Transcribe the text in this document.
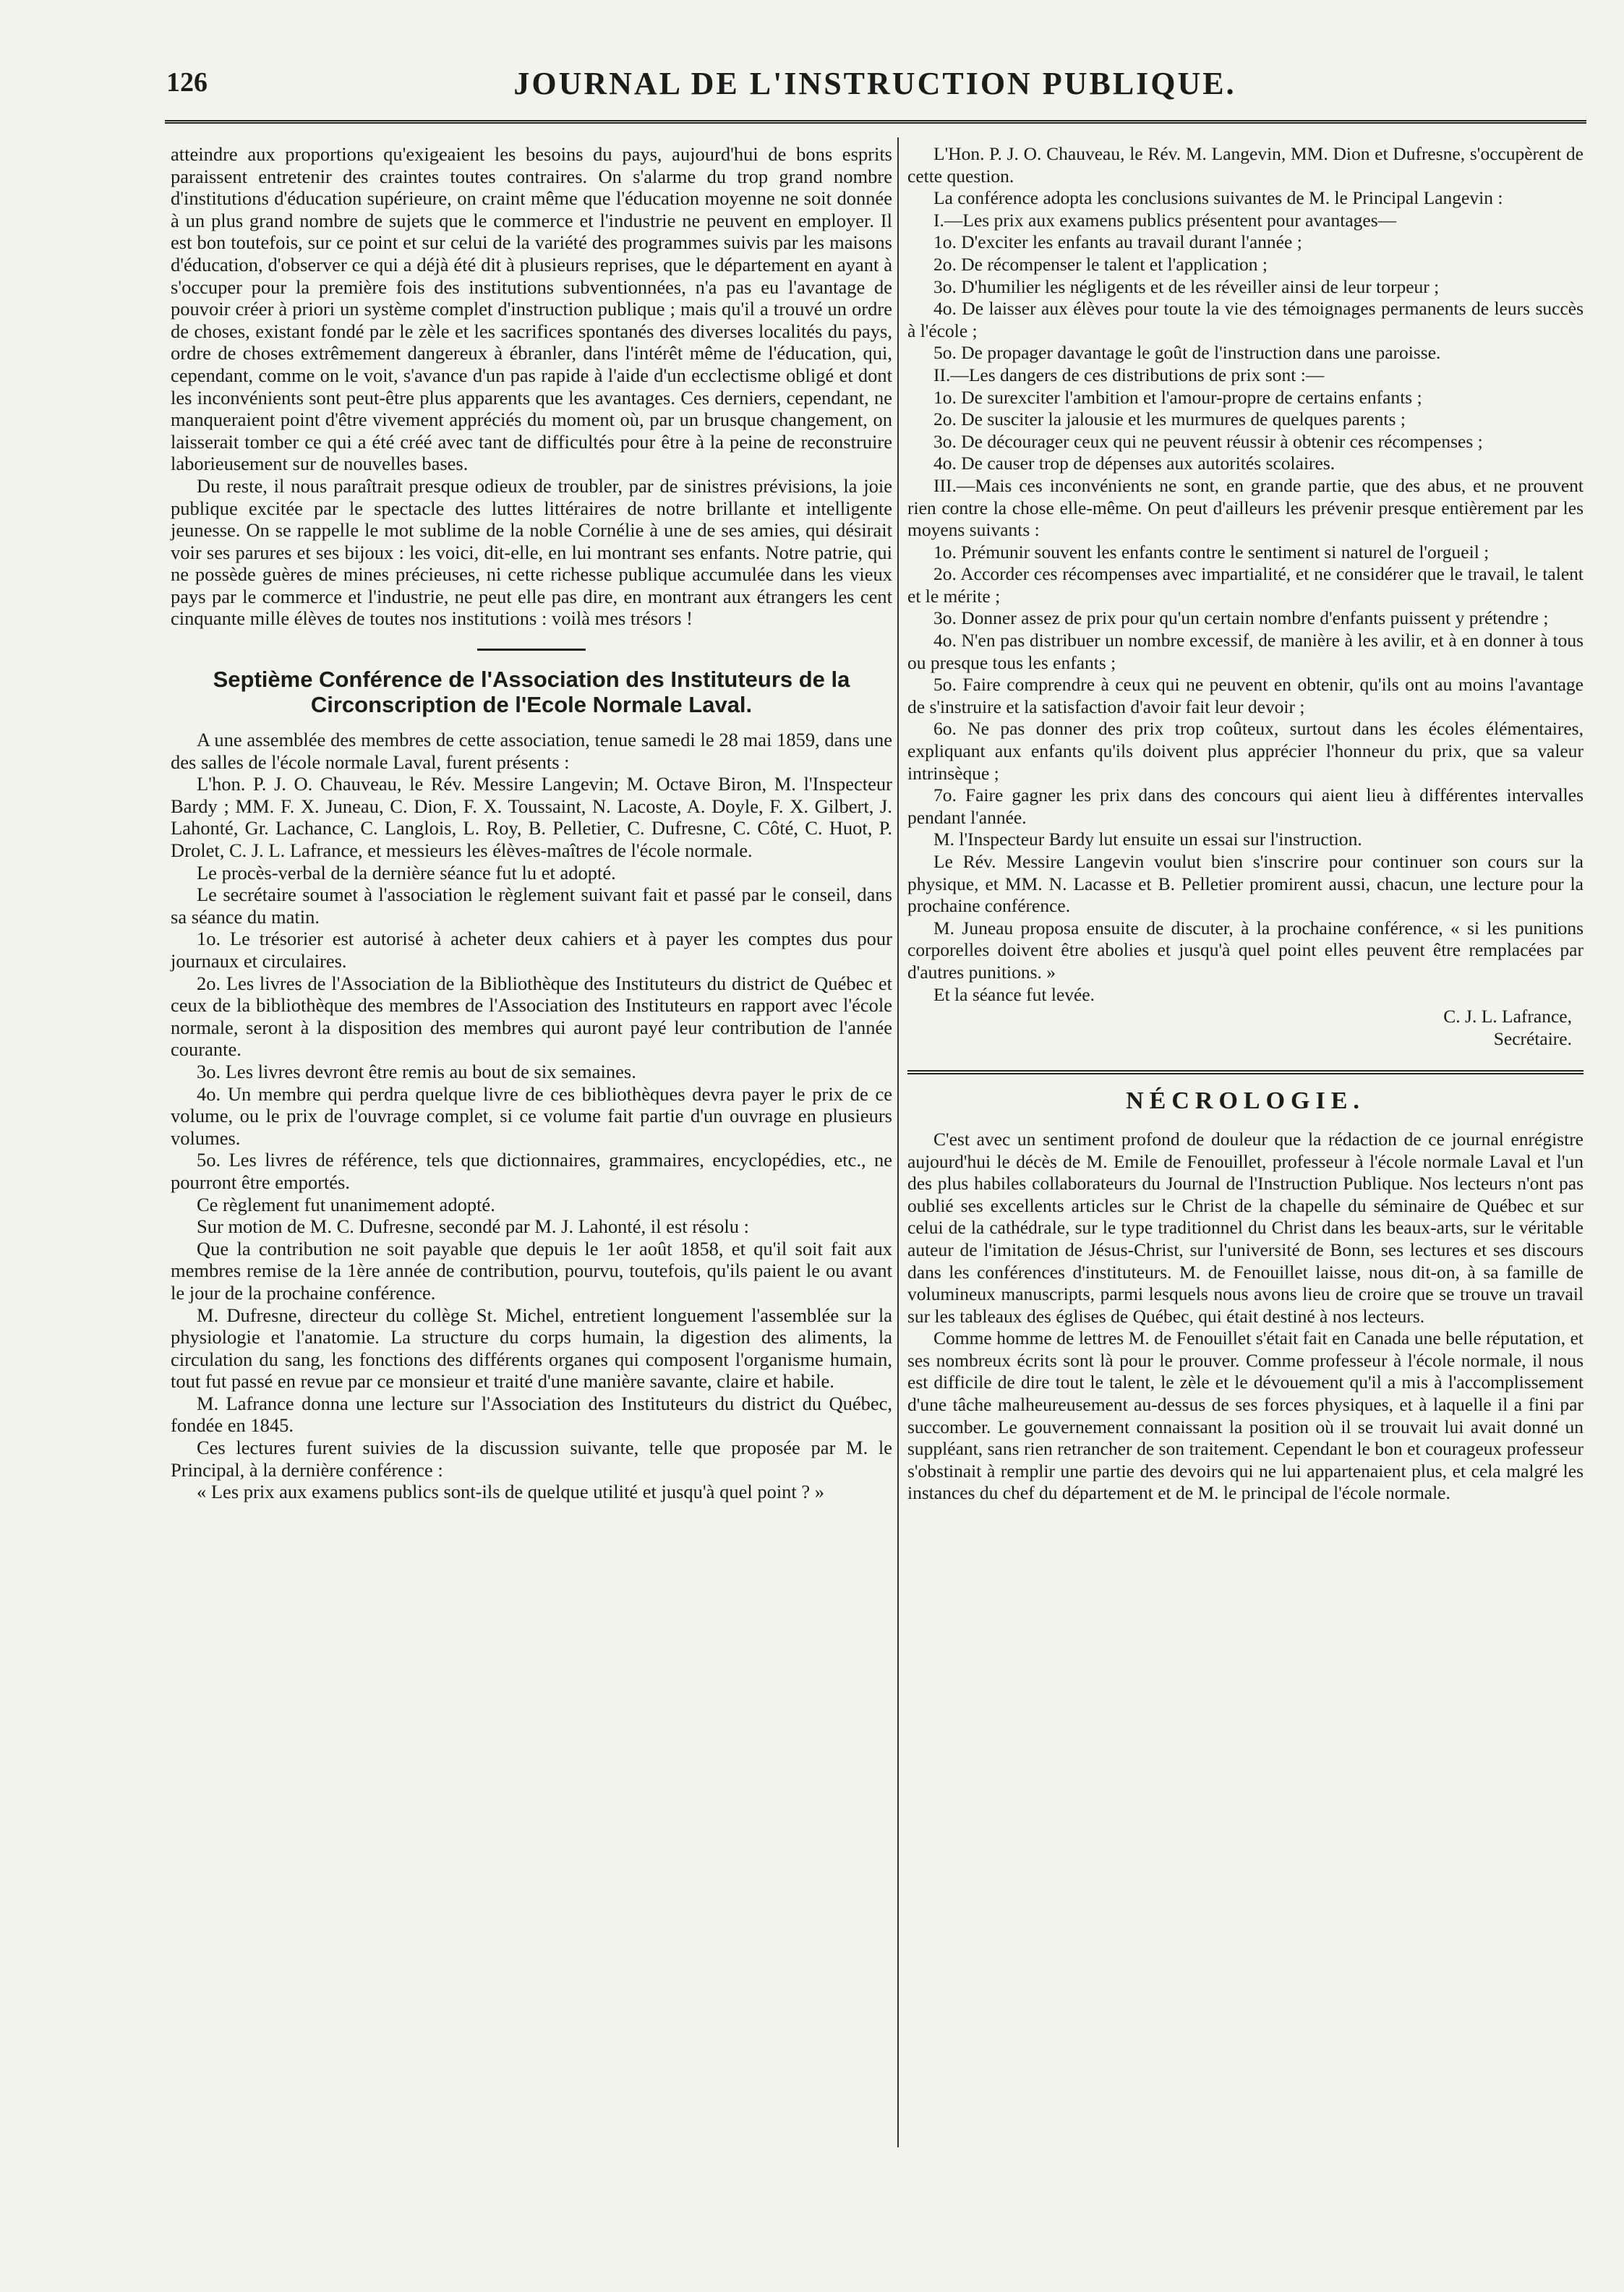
126	JOURNAL DE L'INSTRUCTION PUBLIQUE.

atteindre aux proportions qu'exigeaient les besoins du pays, aujourd'hui de bons esprits paraissent entretenir des craintes toutes contraires. On s'alarme du trop grand nombre d'institutions d'éducation supérieure, on craint même que l'éducation moyenne ne soit donnée à un plus grand nombre de sujets que le commerce et l'industrie ne peuvent en employer. Il est bon toutefois, sur ce point et sur celui de la variété des programmes suivis par les maisons d'éducation, d'observer ce qui a déjà été dit à plusieurs reprises, que le département en ayant à s'occuper pour la première fois des institutions subventionnées, n'a pas eu l'avantage de pouvoir créer à priori un système complet d'instruction publique ; mais qu'il a trouvé un ordre de choses, existant fondé par le zèle et les sacrifices spontanés des diverses localités du pays, ordre de choses extrêmement dangereux à ébranler, dans l'intérêt même de l'éducation, qui, cependant, comme on le voit, s'avance d'un pas rapide à l'aide d'un ecclectisme obligé et dont les inconvénients sont peut-être plus apparents que les avantages. Ces derniers, cependant, ne manqueraient point d'être vivement appréciés du moment où, par un brusque changement, on laisserait tomber ce qui a été créé avec tant de difficultés pour être à la peine de reconstruire laborieusement sur de nouvelles bases.

Du reste, il nous paraîtrait presque odieux de troubler, par de sinistres prévisions, la joie publique excitée par le spectacle des luttes littéraires de notre brillante et intelligente jeunesse. On se rappelle le mot sublime de la noble Cornélie à une de ses amies, qui désirait voir ses parures et ses bijoux : les voici, dit-elle, en lui montrant ses enfants. Notre patrie, qui ne possède guères de mines précieuses, ni cette richesse publique accumulée dans les vieux pays par le commerce et l'industrie, ne peut elle pas dire, en montrant aux étrangers les cent cinquante mille élèves de toutes nos institutions : voilà mes trésors !

Septième Conférence de l'Association des Instituteurs de la Circonscription de l'Ecole Normale Laval.

A une assemblée des membres de cette association, tenue samedi le 28 mai 1859, dans une des salles de l'école normale Laval, furent présents :

L'hon. P. J. O. Chauveau, le Rév. Messire Langevin; M. Octave Biron, M. l'Inspecteur Bardy ; MM. F. X. Juneau, C. Dion, F. X. Toussaint, N. Lacoste, A. Doyle, F. X. Gilbert, J. Lahonté, Gr. Lachance, C. Langlois, L. Roy, B. Pelletier, C. Dufresne, C. Côté, C. Huot, P. Drolet, C. J. L. Lafrance, et messieurs les élèves-maîtres de l'école normale.

Le procès-verbal de la dernière séance fut lu et adopté.

Le secrétaire soumet à l'association le règlement suivant fait et passé par le conseil, dans sa séance du matin.

1o. Le trésorier est autorisé à acheter deux cahiers et à payer les comptes dus pour journaux et circulaires.

2o. Les livres de l'Association de la Bibliothèque des Instituteurs du district de Québec et ceux de la bibliothèque des membres de l'Association des Instituteurs en rapport avec l'école normale, seront à la disposition des membres qui auront payé leur contribution de l'année courante.

3o. Les livres devront être remis au bout de six semaines.

4o. Un membre qui perdra quelque livre de ces bibliothèques devra payer le prix de ce volume, ou le prix de l'ouvrage complet, si ce volume fait partie d'un ouvrage en plusieurs volumes.

5o. Les livres de référence, tels que dictionnaires, grammaires, encyclopédies, etc., ne pourront être emportés.

Ce règlement fut unanimement adopté.

Sur motion de M. C. Dufresne, secondé par M. J. Lahonté, il est résolu :

Que la contribution ne soit payable que depuis le 1er août 1858, et qu'il soit fait aux membres remise de la 1ère année de contribution, pourvu, toutefois, qu'ils paient le ou avant le jour de la prochaine conférence.

M. Dufresne, directeur du collège St. Michel, entretient longuement l'assemblée sur la physiologie et l'anatomie. La structure du corps humain, la digestion des aliments, la circulation du sang, les fonctions des différents organes qui composent l'organisme humain, tout fut passé en revue par ce monsieur et traité d'une manière savante, claire et habile.

M. Lafrance donna une lecture sur l'Association des Instituteurs du district du Québec, fondée en 1845.

Ces lectures furent suivies de la discussion suivante, telle que proposée par M. le Principal, à la dernière conférence :

« Les prix aux examens publics sont-ils de quelque utilité et jusqu'à quel point ? »

L'Hon. P. J. O. Chauveau, le Rév. M. Langevin, MM. Dion et Dufresne, s'occupèrent de cette question.

La conférence adopta les conclusions suivantes de M. le Principal Langevin :

I.—Les prix aux examens publics présentent pour avantages—

1o. D'exciter les enfants au travail durant l'année ;

2o. De récompenser le talent et l'application ;

3o. D'humilier les négligents et de les réveiller ainsi de leur torpeur ;

4o. De laisser aux élèves pour toute la vie des témoignages permanents de leurs succès à l'école ;

5o. De propager davantage le goût de l'instruction dans une paroisse.

II.—Les dangers de ces distributions de prix sont :—

1o. De surexciter l'ambition et l'amour-propre de certains enfants ;

2o. De susciter la jalousie et les murmures de quelques parents ;

3o. De décourager ceux qui ne peuvent réussir à obtenir ces récompenses ;

4o. De causer trop de dépenses aux autorités scolaires.

III.—Mais ces inconvénients ne sont, en grande partie, que des abus, et ne prouvent rien contre la chose elle-même. On peut d'ailleurs les prévenir presque entièrement par les moyens suivants :

1o. Prémunir souvent les enfants contre le sentiment si naturel de l'orgueil ;

2o. Accorder ces récompenses avec impartialité, et ne considérer que le travail, le talent et le mérite ;

3o. Donner assez de prix pour qu'un certain nombre d'enfants puissent y prétendre ;

4o. N'en pas distribuer un nombre excessif, de manière à les avilir, et à en donner à tous ou presque tous les enfants ;

5o. Faire comprendre à ceux qui ne peuvent en obtenir, qu'ils ont au moins l'avantage de s'instruire et la satisfaction d'avoir fait leur devoir ;

6o. Ne pas donner des prix trop coûteux, surtout dans les écoles élémentaires, expliquant aux enfants qu'ils doivent plus apprécier l'honneur du prix, que sa valeur intrinsèque ;

7o. Faire gagner les prix dans des concours qui aient lieu à différentes intervalles pendant l'année.

M. l'Inspecteur Bardy lut ensuite un essai sur l'instruction.

Le Rév. Messire Langevin voulut bien s'inscrire pour continuer son cours sur la physique, et MM. N. Lacasse et B. Pelletier promirent aussi, chacun, une lecture pour la prochaine conférence.

M. Juneau proposa ensuite de discuter, à la prochaine conférence, « si les punitions corporelles doivent être abolies et jusqu'à quel point elles peuvent être remplacées par d'autres punitions. »

Et la séance fut levée.

C. J. L. Lafrance,

Secrétaire.

NÉCROLOGIE.

C'est avec un sentiment profond de douleur que la rédaction de ce journal enrégistre aujourd'hui le décès de M. Emile de Fenouillet, professeur à l'école normale Laval et l'un des plus habiles collaborateurs du Journal de l'Instruction Publique. Nos lecteurs n'ont pas oublié ses excellents articles sur le Christ de la chapelle du séminaire de Québec et sur celui de la cathédrale, sur le type traditionnel du Christ dans les beaux-arts, sur le véritable auteur de l'imitation de Jésus-Christ, sur l'université de Bonn, ses lectures et ses discours dans les conférences d'instituteurs. M. de Fenouillet laisse, nous dit-on, à sa famille de volumineux manuscripts, parmi lesquels nous avons lieu de croire que se trouve un travail sur les tableaux des églises de Québec, qui était destiné à nos lecteurs.

Comme homme de lettres M. de Fenouillet s'était fait en Canada une belle réputation, et ses nombreux écrits sont là pour le prouver. Comme professeur à l'école normale, il nous est difficile de dire tout le talent, le zèle et le dévouement qu'il a mis à l'accomplissement d'une tâche malheureusement au-dessus de ses forces physiques, et à laquelle il a fini par succomber. Le gouvernement connaissant la position où il se trouvait lui avait donné un suppléant, sans rien retrancher de son traitement. Cependant le bon et courageux professeur s'obstinait à remplir une partie des devoirs qui ne lui appartenaient plus, et cela malgré les instances du chef du département et de M. le principal de l'école normale.
